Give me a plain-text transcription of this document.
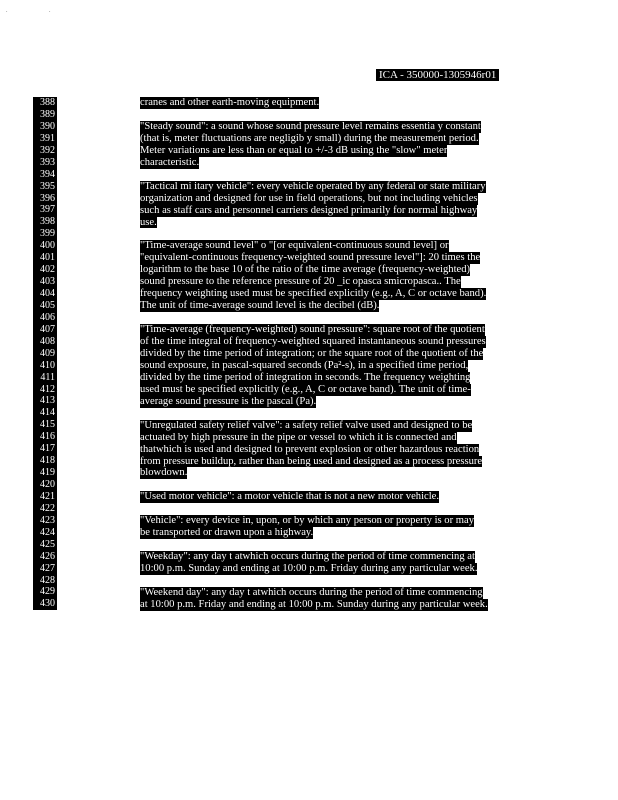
. .
ICA - 350000-1305946r01
388
389
390
391
392
393
394
395
396
397
398
399
400
401
402
403
404
405
406
407
408
409
410
411
412
413
414
415
416
417
418
419
420
421
422
423
424
425
426
427
428
429
430
cranes and other earth-moving equipment.
"Steady sound": a sound whose sound pressure level remains essentia y constant
(that is, meter fluctuations are negligib y small) during the measurement period.
Meter variations are less than or equal to +/-3 dB using the "slow" meter
characteristic.
"Tactical mi itary vehicle": every vehicle operated by any federal or state military
organization and designed for use in field operations, but not including vehicles
such as staff cars and personnel carriers designed primarily for normal highway
use.
"Time-average sound level" o "[or equivalent-continuous sound level] or
"equivalent-continuous frequency-weighted sound pressure level"]: 20 times the
logarithm to the base 10 of the ratio of the time average (frequency-weighted)
sound pressure to the reference pressure of 20 _ic opasca smicropasca.. The
frequency weighting used must be specified explicitly (e.g., A, C or octave band).
The unit of time-average sound level is the decibel (dB).
"Time-average (frequency-weighted) sound pressure": square root of the quotient
of the time integral of frequency-weighted squared instantaneous sound pressures
divided by the time period of integration; or the square root of the quotient of the
sound exposure, in pascal-squared seconds (Pa²-s), in a specified time period,
divided by the time period of integration in seconds. The frequency weighting
used must be specified explicitly (e.g., A, C or octave band). The unit of time-
average sound pressure is the pascal (Pa).
"Unregulated safety relief valve": a safety relief valve used and designed to be
actuated by high pressure in the pipe or vessel to which it is connected and
thatwhich is used and designed to prevent explosion or other hazardous reaction
from pressure buildup, rather than being used and designed as a process pressure
blowdown.
"Used motor vehicle": a motor vehicle that is not a new motor vehicle.
"Vehicle": every device in, upon, or by which any person or property is or may
be transported or drawn upon a highway.
"Weekday": any day t atwhich occurs during the period of time commencing at
10:00 p.m. Sunday and ending at 10:00 p.m. Friday during any particular week.
"Weekend day": any day t atwhich occurs during the period of time commencing
at 10:00 p.m. Friday and ending at 10:00 p.m. Sunday during any particular week.
